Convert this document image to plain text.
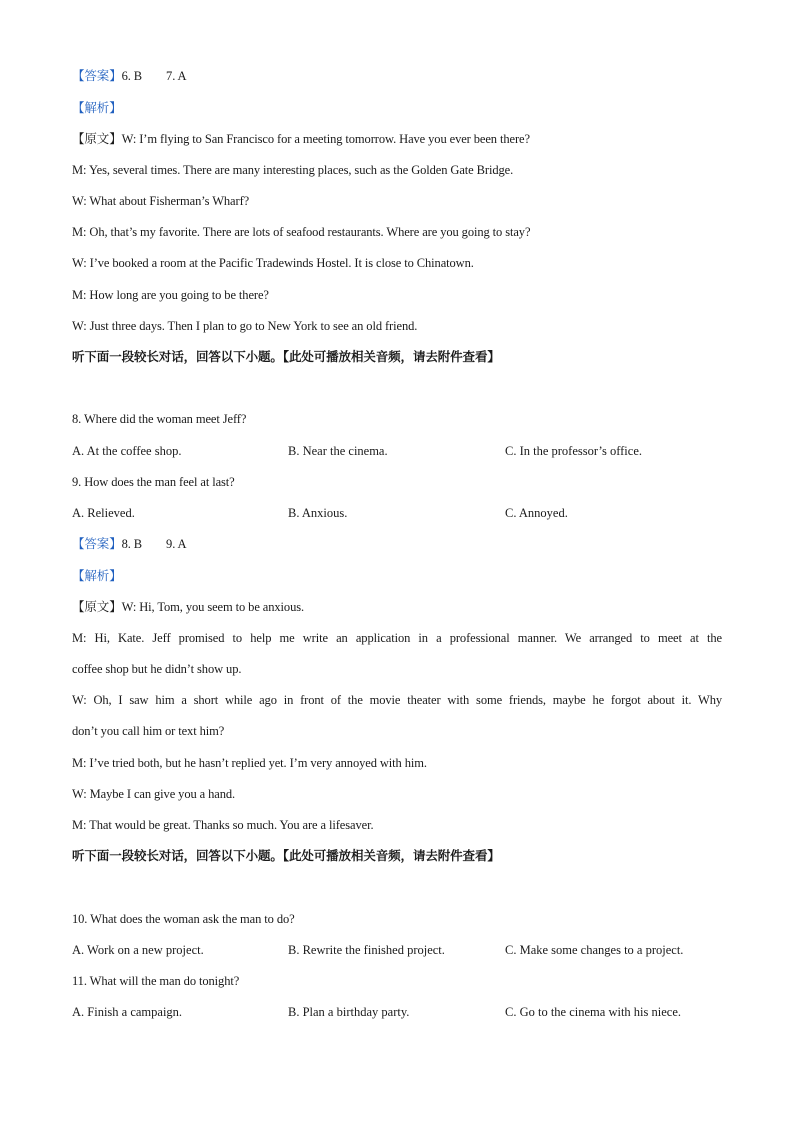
【答案】6. B 7. A
【解析】
【原文】W: I’m flying to San Francisco for a meeting tomorrow. Have you ever been there?
M: Yes, several times. There are many interesting places, such as the Golden Gate Bridge.
W: What about Fisherman’s Wharf?
M: Oh, that’s my favorite. There are lots of seafood restaurants. Where are you going to stay?
W: I’ve booked a room at the Pacific Tradewinds Hostel. It is close to Chinatown.
M: How long are you going to be there?
W: Just three days. Then I plan to go to New York to see an old friend.
听下面一段较长对话，回答以下小题。【此处可播放相关音频，请去附件查看】
8. Where did the woman meet Jeff?
A. At the coffee shop.	B. Near the cinema.	C. In the professor’s office.
9. How does the man feel at last?
A. Relieved.	B. Anxious.	C. Annoyed.
【答案】8. B 9. A
【解析】
【原文】W: Hi, Tom, you seem to be anxious.
M: Hi, Kate. Jeff promised to help me write an application in a professional manner. We arranged to meet at the
coffee shop but he didn’t show up.
W: Oh, I saw him a short while ago in front of the movie theater with some friends, maybe he forgot about it. Why
don’t you call him or text him?
M: I’ve tried both, but he hasn’t replied yet. I’m very annoyed with him.
W: Maybe I can give you a hand.
M: That would be great. Thanks so much. You are a lifesaver.
听下面一段较长对话，回答以下小题。【此处可播放相关音频，请去附件查看】
10. What does the woman ask the man to do?
A. Work on a new project.	B. Rewrite the finished project.	C. Make some changes to a project.
11. What will the man do tonight?
A. Finish a campaign.	B. Plan a birthday party.	C. Go to the cinema with his niece.
